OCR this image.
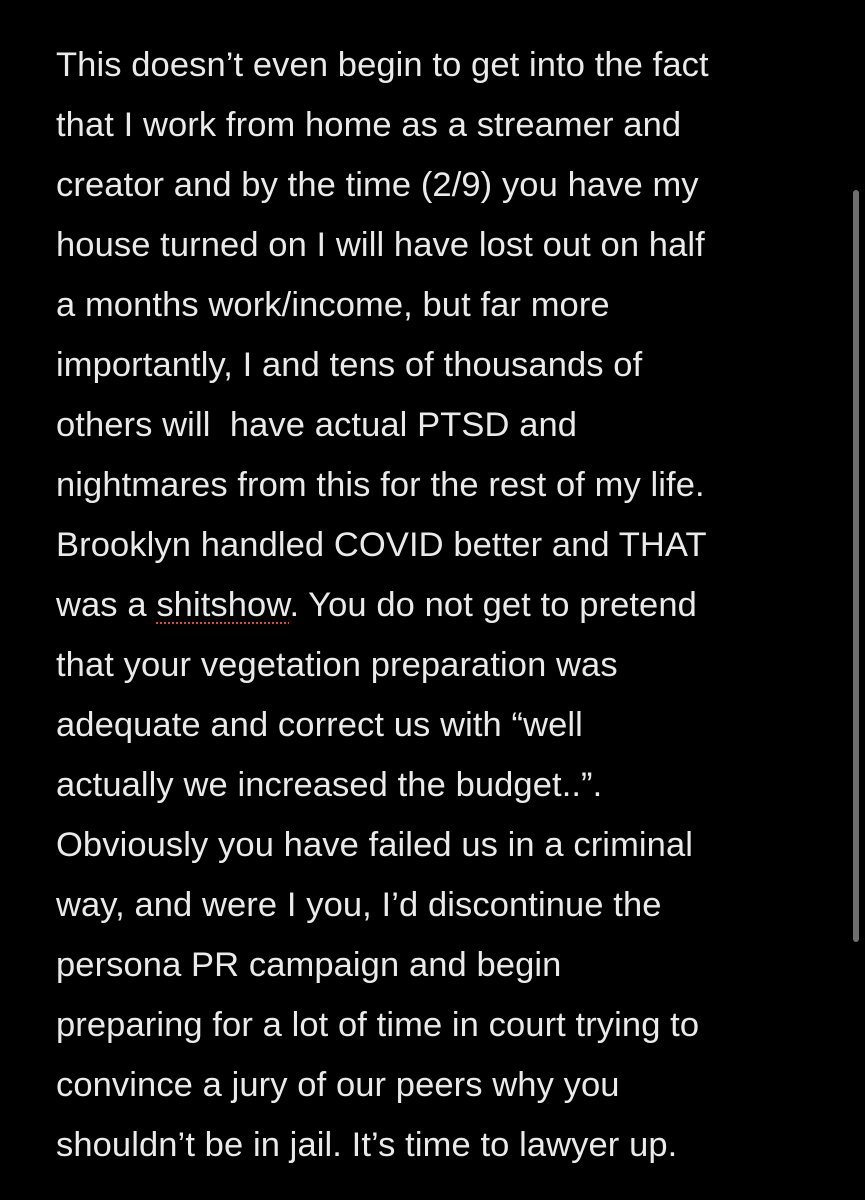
This doesn’t even begin to get into the fact
that I work from home as a streamer and
creator and by the time (2/9) you have my
house turned on I will have lost out on half
a months work/income, but far more
importantly, I and tens of thousands of
others will  have actual PTSD and
nightmares from this for the rest of my life.
Brooklyn handled COVID better and THAT
was a shitshow. You do not get to pretend
that your vegetation preparation was
adequate and correct us with “well
actually we increased the budget..”.
Obviously you have failed us in a criminal
way, and were I you, I’d discontinue the
persona PR campaign and begin
preparing for a lot of time in court trying to
convince a jury of our peers why you
shouldn’t be in jail. It’s time to lawyer up.
